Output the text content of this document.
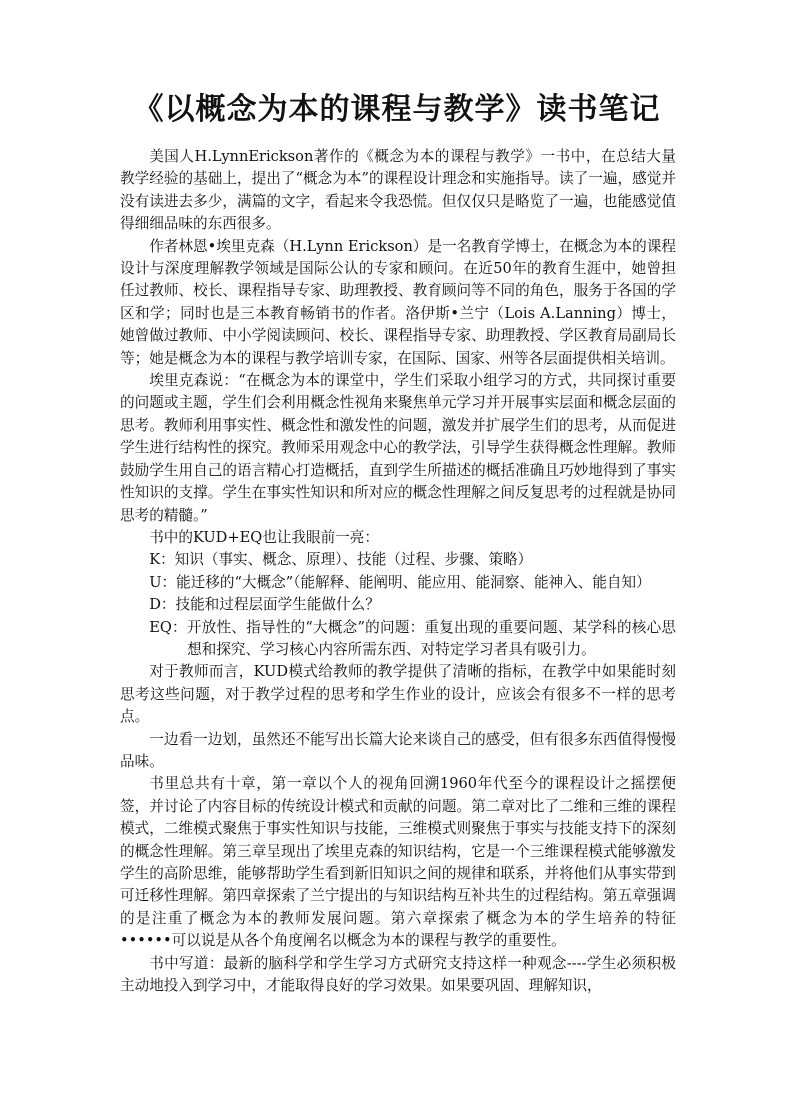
《以概念为本的课程与教学》读书笔记

美国人H.LynnErickson著作的《概念为本的课程与教学》一书中，在总结大量教学经验的基础上，提出了“概念为本”的课程设计理念和实施指导。读了一遍，感觉并没有读进去多少，满篇的文字，看起来令我恐慌。但仅仅只是略览了一遍，也能感觉值得细细品味的东西很多。

作者林恩•埃里克森（H.Lynn Erickson）是一名教育学博士，在概念为本的课程设计与深度理解教学领域是国际公认的专家和顾问。在近50年的教育生涯中，她曾担任过教师、校长、课程指导专家、助理教授、教育顾问等不同的角色，服务于各国的学区和学；同时也是三本教育畅销书的作者。洛伊斯•兰宁（Lois A.Lanning）博士，她曾做过教师、中小学阅读顾问、校长、课程指导专家、助理教授、学区教育局副局长等；她是概念为本的课程与教学培训专家，在国际、国家、州等各层面提供相关培训。

埃里克森说：“在概念为本的课堂中，学生们采取小组学习的方式，共同探讨重要的问题或主题，学生们会利用概念性视角来聚焦单元学习并开展事实层面和概念层面的思考。教师利用事实性、概念性和激发性的问题，激发并扩展学生们的思考，从而促进学生进行结构性的探究。教师采用观念中心的教学法，引导学生获得概念性理解。教师鼓励学生用自己的语言精心打造概括，直到学生所描述的概括准确且巧妙地得到了事实性知识的支撑。学生在事实性知识和所对应的概念性理解之间反复思考的过程就是协同思考的精髓。”

书中的KUD+EQ也让我眼前一亮：

K：知识（事实、概念、原理）、技能（过程、步骤、策略）

U：能迁移的“大概念”（能解释、能阐明、能应用、能洞察、能神入、能自知）

D：技能和过程层面学生能做什么？

EQ：开放性、指导性的“大概念”的问题：重复出现的重要问题、某学科的核心思想和探究、学习核心内容所需东西、对特定学习者具有吸引力。

对于教师而言，KUD模式给教师的教学提供了清晰的指标，在教学中如果能时刻思考这些问题，对于教学过程的思考和学生作业的设计，应该会有很多不一样的思考点。

一边看一边划，虽然还不能写出长篇大论来谈自己的感受，但有很多东西值得慢慢品味。

书里总共有十章，第一章以个人的视角回溯1960年代至今的课程设计之摇摆便签，并讨论了内容目标的传统设计模式和贡献的问题。第二章对比了二维和三维的课程模式，二维模式聚焦于事实性知识与技能，三维模式则聚焦于事实与技能支持下的深刻的概念性理解。第三章呈现出了埃里克森的知识结构，它是一个三维课程模式能够激发学生的高阶思维，能够帮助学生看到新旧知识之间的规律和联系，并将他们从事实带到可迁移性理解。第四章探索了兰宁提出的与知识结构互补共生的过程结构。第五章强调的是注重了概念为本的教师发展问题。第六章探索了概念为本的学生培养的特征••••••可以说是从各个角度阐名以概念为本的课程与教学的重要性。

书中写道：最新的脑科学和学生学习方式研究支持这样一种观念----学生必须积极主动地投入到学习中，才能取得良好的学习效果。如果要巩固、理解知识，
